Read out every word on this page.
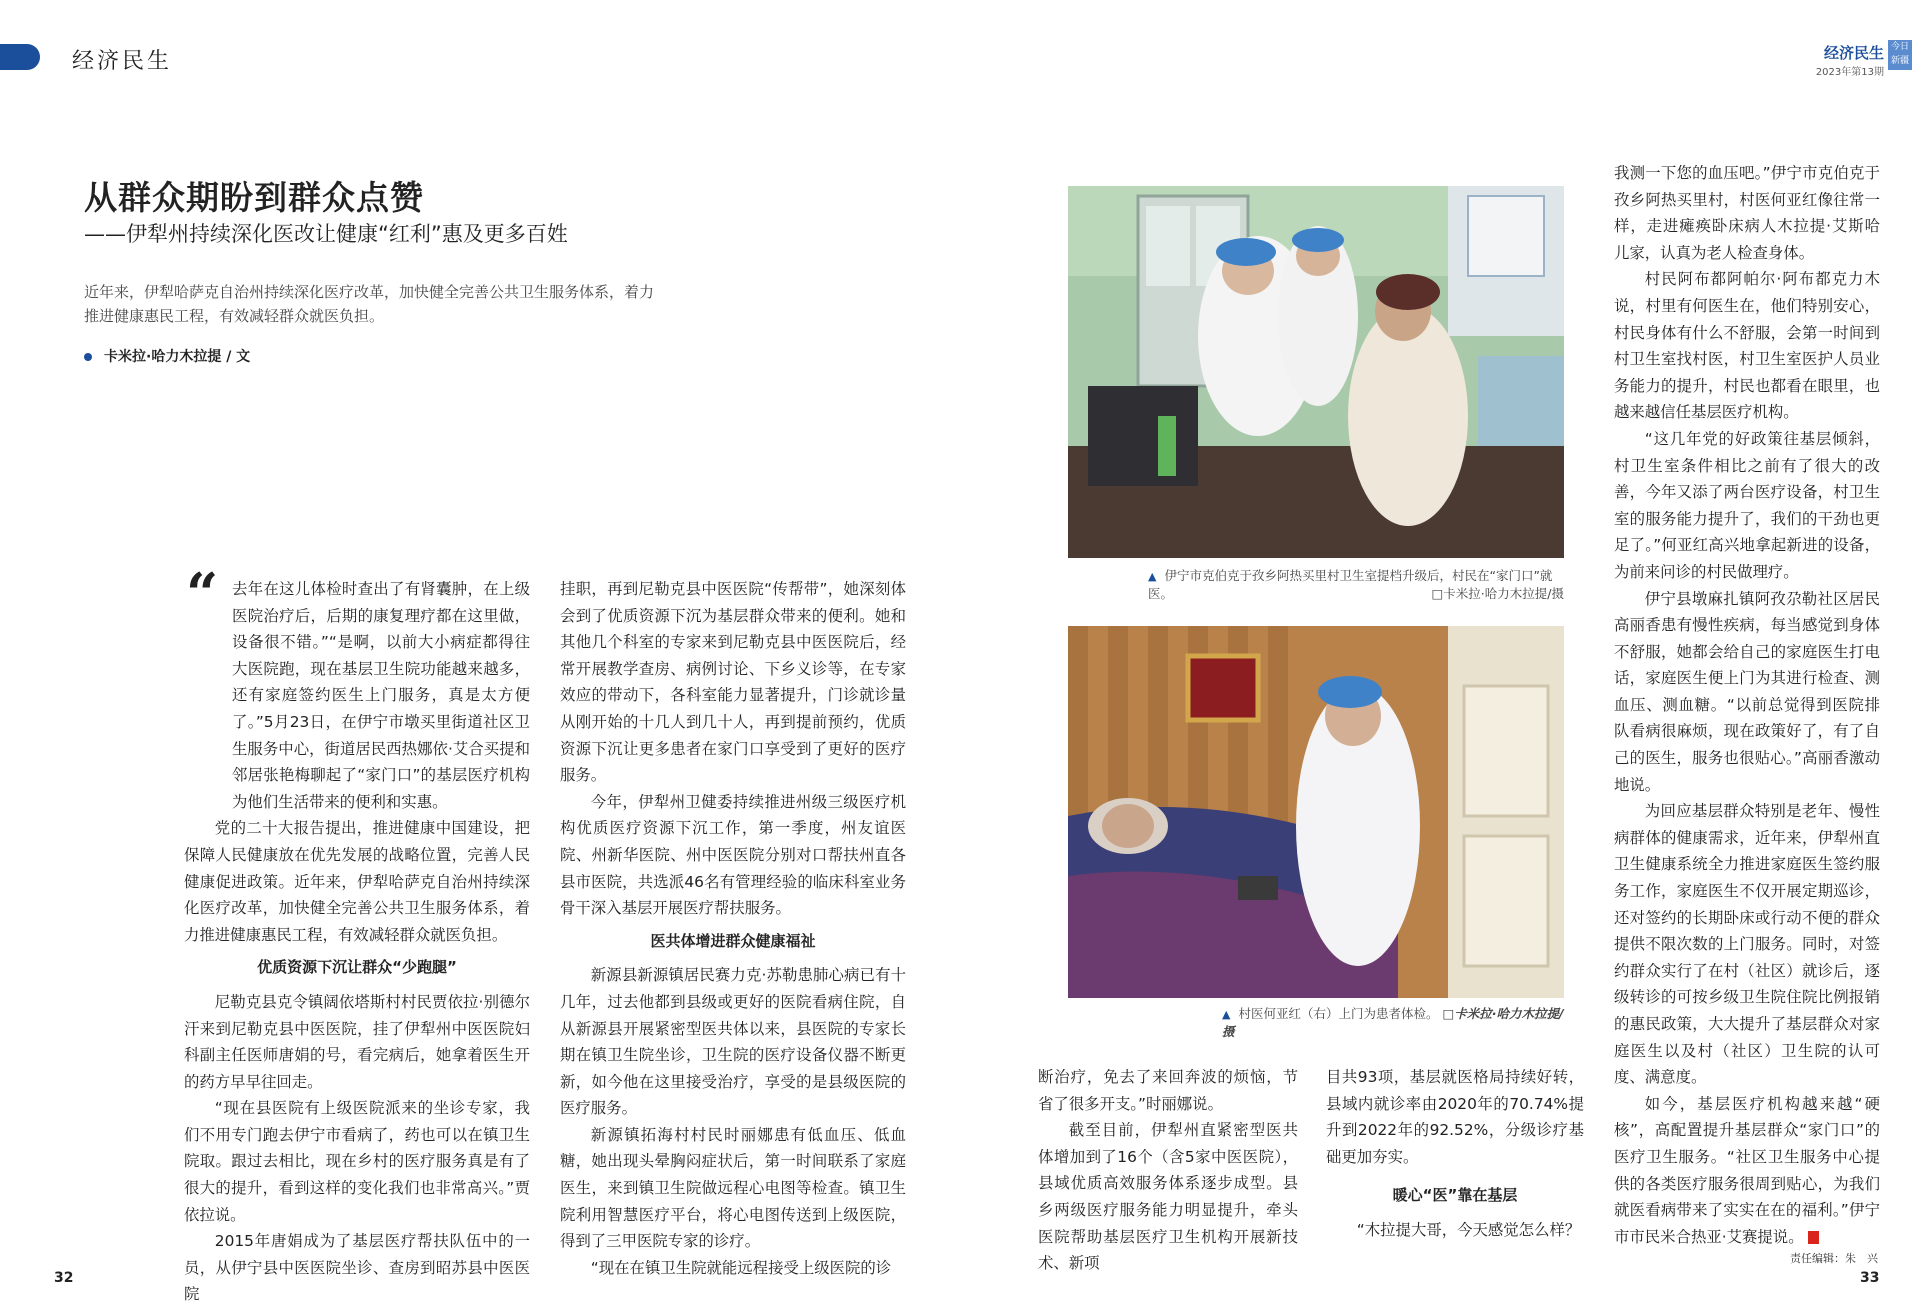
经济民生	经济民生
2023年第13期
今日新疆
从群众期盼到群众点赞
——伊犁州持续深化医改让健康“红利”惠及更多百姓
近年来，伊犁哈萨克自治州持续深化医疗改革，加快健全完善公共卫生服务体系，着力推进健康惠民工程，有效减轻群众就医负担。
卡米拉·哈力木拉提 / 文
“ 去年在这儿体检时查出了有肾囊肿，在上级医院治疗后，后期的康复理疗都在这里做，设备很不错。”“是啊，以前大小病症都得往大医院跑，现在基层卫生院功能越来越多，还有家庭签约医生上门服务，真是太方便了。”5月23日，在伊宁市墩买里街道社区卫生服务中心，街道居民西热娜依·艾合买提和邻居张艳梅聊起了“家门口”的基层医疗机构为他们生活带来的便利和实惠。

党的二十大报告提出，推进健康中国建设，把保障人民健康放在优先发展的战略位置，完善人民健康促进政策。近年来，伊犁哈萨克自治州持续深化医疗改革，加快健全完善公共卫生服务体系，着力推进健康惠民工程，有效减轻群众就医负担。

优质资源下沉让群众“少跑腿”

尼勒克县克令镇阔依塔斯村村民贾依拉·别德尔汗来到尼勒克县中医医院，挂了伊犁州中医医院妇科副主任医师唐娟的号，看完病后，她拿着医生开的药方早早往回走。

“现在县医院有上级医院派来的坐诊专家，我们不用专门跑去伊宁市看病了，药也可以在镇卫生院取。跟过去相比，现在乡村的医疗服务真是有了很大的提升，看到这样的变化我们也非常高兴。”贾依拉说。

2015年唐娟成为了基层医疗帮扶队伍中的一员，从伊宁县中医医院坐诊、查房到昭苏县中医医院

挂职，再到尼勒克县中医医院“传帮带”，她深刻体会到了优质资源下沉为基层群众带来的便利。她和其他几个科室的专家来到尼勒克县中医医院后，经常开展教学查房、病例讨论、下乡义诊等，在专家效应的带动下，各科室能力显著提升，门诊就诊量从刚开始的十几人到几十人，再到提前预约，优质资源下沉让更多患者在家门口享受到了更好的医疗服务。

今年，伊犁州卫健委持续推进州级三级医疗机构优质医疗资源下沉工作，第一季度，州友谊医院、州新华医院、州中医医院分别对口帮扶州直各县市医院，共选派46名有管理经验的临床科室业务骨干深入基层开展医疗帮扶服务。

医共体增进群众健康福祉

新源县新源镇居民赛力克·苏勒患肺心病已有十几年，过去他都到县级或更好的医院看病住院，自从新源县开展紧密型医共体以来，县医院的专家长期在镇卫生院坐诊，卫生院的医疗设备仪器不断更新，如今他在这里接受治疗，享受的是县级医院的医疗服务。

新源镇拓海村村民时丽娜患有低血压、低血糖，她出现头晕胸闷症状后，第一时间联系了家庭医生，来到镇卫生院做远程心电图等检查。镇卫生院利用智慧医疗平台，将心电图传送到上级医院，得到了三甲医院专家的诊疗。

“现在在镇卫生院就能远程接受上级医院的诊

▲ 伊宁市克伯克于孜乡阿热买里村卫生室提档升级后，村民在“家门口”就医。	□卡米拉·哈力木拉提/摄
▲ 村医何亚红（右）上门为患者体检。 □卡米拉·哈力木拉提/摄

断治疗，免去了来回奔波的烦恼，节省了很多开支。”时丽娜说。

截至目前，伊犁州直紧密型医共体增加到了16个（含5家中医医院），县域优质高效服务体系逐步成型。县乡两级医疗服务能力明显提升，牵头医院帮助基层医疗卫生机构开展新技术、新项

目共93项，基层就医格局持续好转，县域内就诊率由2020年的70.74%提升到2022年的92.52%，分级诊疗基础更加夯实。

暖心“医”靠在基层

“木拉提大哥，今天感觉怎么样？

我测一下您的血压吧。”伊宁市克伯克于孜乡阿热买里村，村医何亚红像往常一样，走进瘫痪卧床病人木拉提·艾斯哈儿家，认真为老人检查身体。

村民阿布都阿帕尔·阿布都克力木说，村里有何医生在，他们特别安心，村民身体有什么不舒服，会第一时间到村卫生室找村医，村卫生室医护人员业务能力的提升，村民也都看在眼里，也越来越信任基层医疗机构。

“这几年党的好政策往基层倾斜，村卫生室条件相比之前有了很大的改善，今年又添了两台医疗设备，村卫生室的服务能力提升了，我们的干劲也更足了。”何亚红高兴地拿起新进的设备，为前来问诊的村民做理疗。

伊宁县墩麻扎镇阿孜尕勒社区居民高丽香患有慢性疾病，每当感觉到身体不舒服，她都会给自己的家庭医生打电话，家庭医生便上门为其进行检查、测血压、测血糖。“以前总觉得到医院排队看病很麻烦，现在政策好了，有了自己的医生，服务也很贴心。”高丽香激动地说。

为回应基层群众特别是老年、慢性病群体的健康需求，近年来，伊犁州直卫生健康系统全力推进家庭医生签约服务工作，家庭医生不仅开展定期巡诊，还对签约的长期卧床或行动不便的群众提供不限次数的上门服务。同时，对签约群众实行了在村（社区）就诊后，逐级转诊的可按乡级卫生院住院比例报销的惠民政策，大大提升了基层群众对家庭医生以及村（社区）卫生院的认可度、满意度。

如今，基层医疗机构越来越“硬核”，高配置提升基层群众“家门口”的医疗卫生服务。“社区卫生服务中心提供的各类医疗服务很周到贴心，为我们就医看病带来了实实在在的福利。”伊宁市市民米合热亚·艾赛提说。

32
责任编辑：朱　兴
33
